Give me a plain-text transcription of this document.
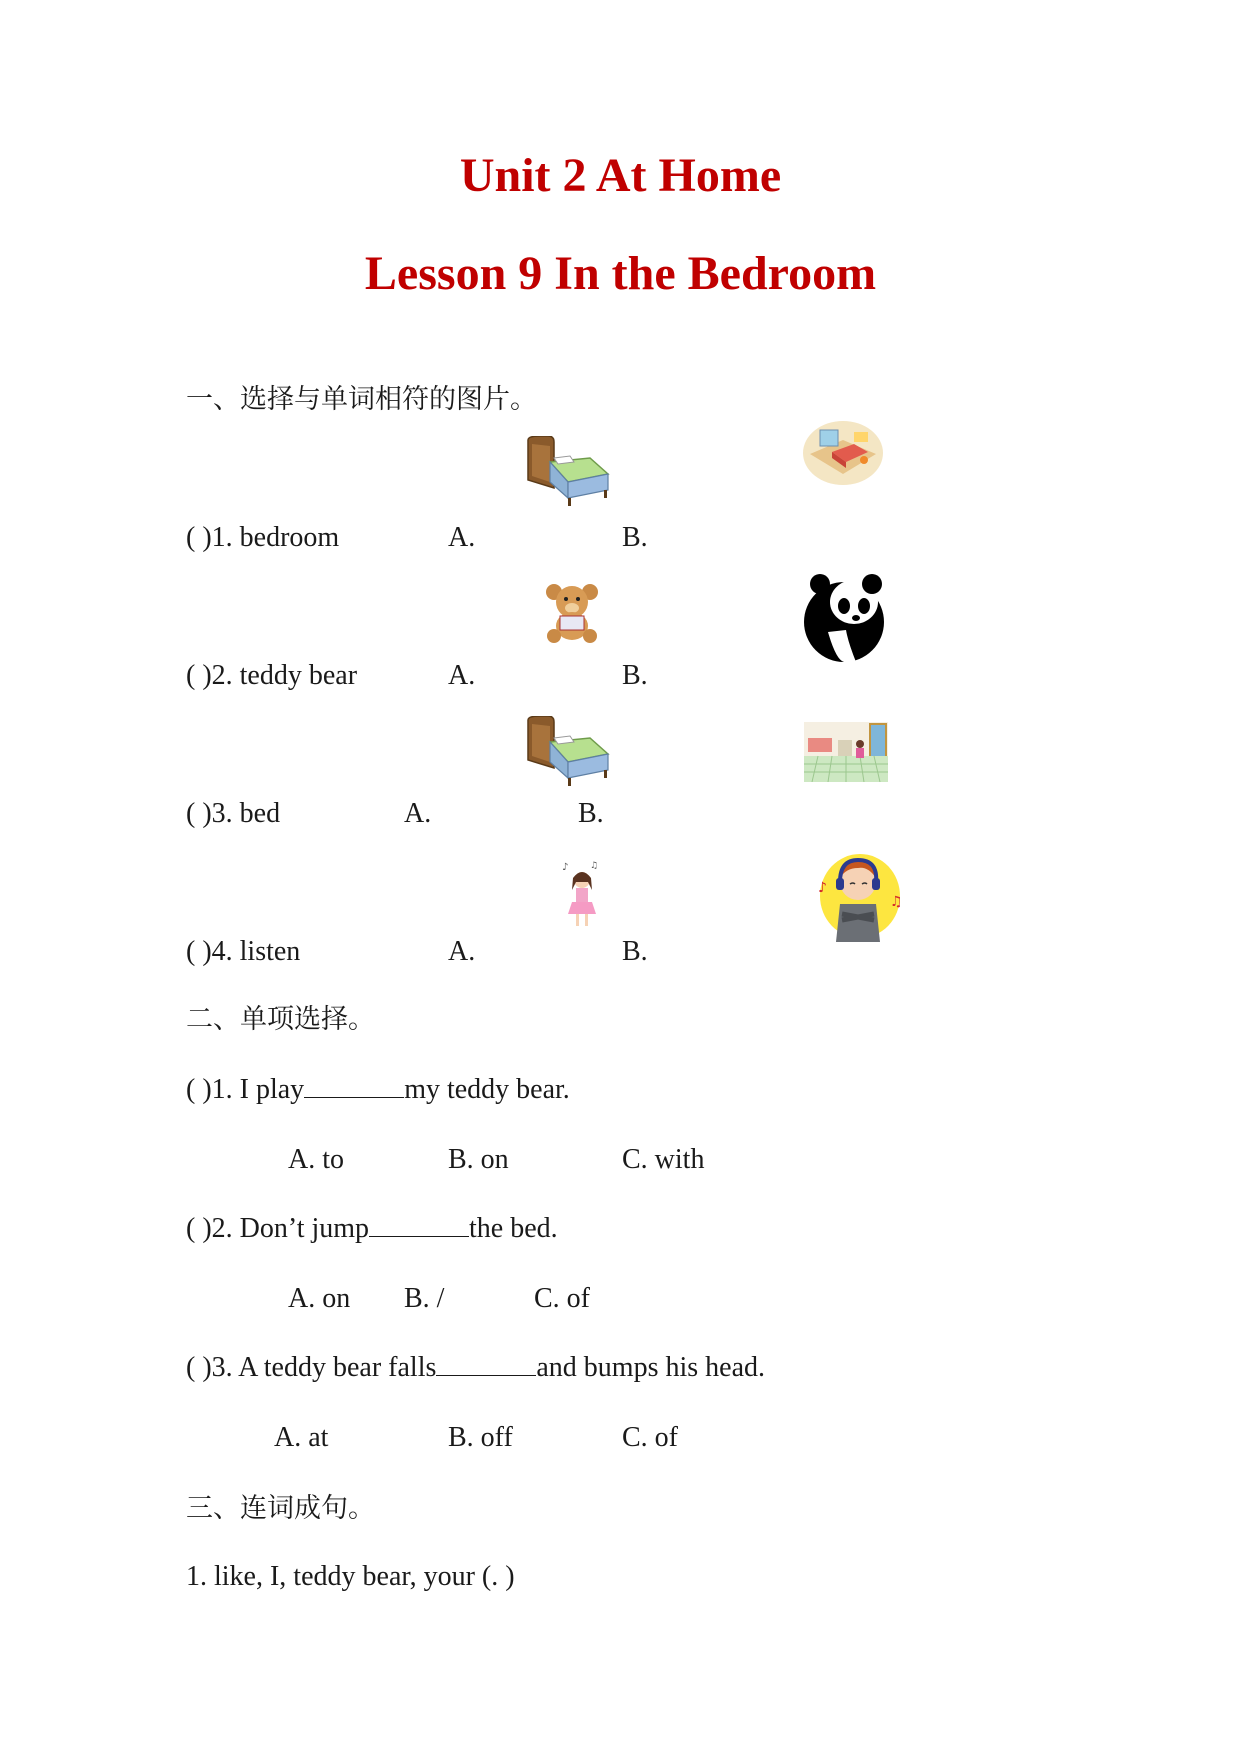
Unit 2 At Home
Lesson 9 In the Bedroom
一、选择与单词相符的图片。
( )1. bedroom	A.	B.
( )2. teddy bear	A.	B.
( )3. bed	A.	B.
♪ ♫
( )4. listen	A.	B.
♪
♫
二、单项选择。
( )1. I play	my teddy bear.
A. to	B. on	C. with
( )2. Don’t jump	the bed.
A. on B. /	C. of
( )3. A teddy bear falls	and bumps his head.
A. at	B. off	C. of
三、连词成句。
1. like, I, teddy bear, your (. )
